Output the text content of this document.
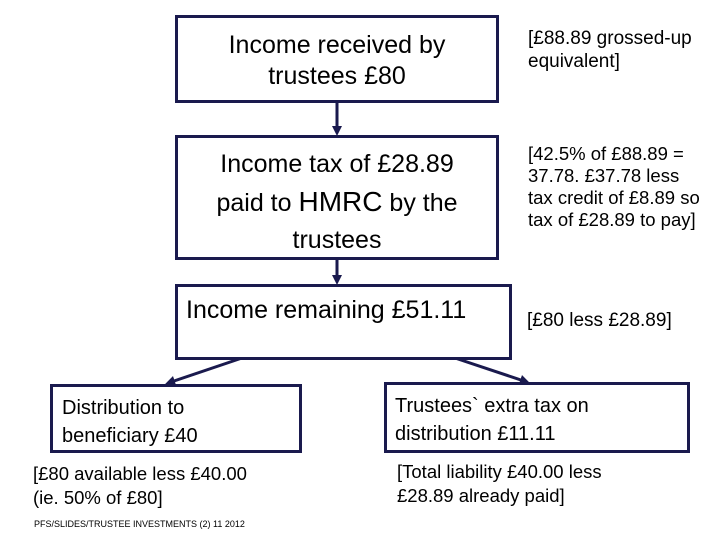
Income received by
trustees £80
[£88.89 grossed-up
equivalent]
Income tax of £28.89
paid to HMRC by the
trustees
[42.5% of £88.89 =
37.78. £37.78 less
tax credit of £8.89 so
tax of £28.89 to pay]
Income remaining £51.11	[£80 less £28.89]
Distribution to
beneficiary £40
[£80 available less £40.00
(ie. 50% of £80]
Trustees` extra tax on
distribution £11.11
[Total liability £40.00 less
£28.89 already paid]
PFS/SLIDES/TRUSTEE INVESTMENTS (2) 11 2012
